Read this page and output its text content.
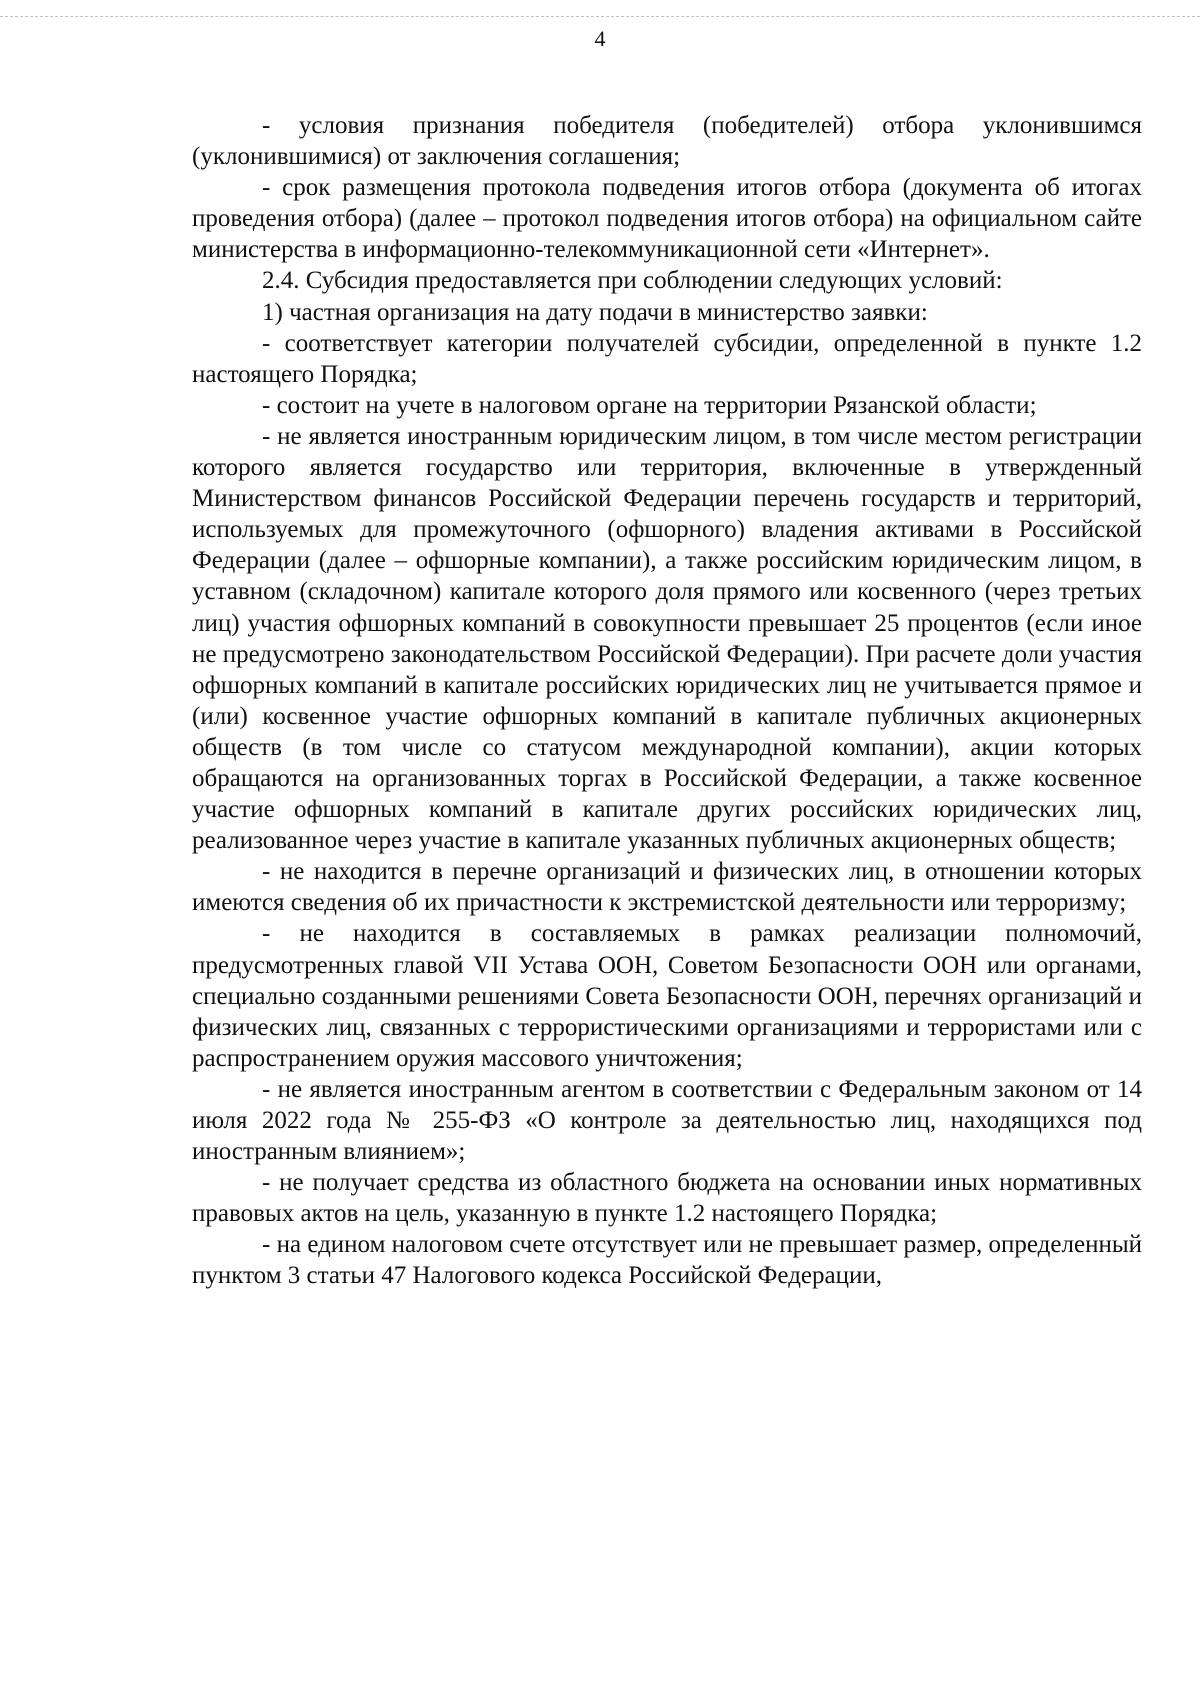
4

- условия признания победителя (победителей) отбора уклонившимся (уклонившимися) от заключения соглашения;

- срок размещения протокола подведения итогов отбора (документа об итогах проведения отбора) (далее – протокол подведения итогов отбора) на официальном сайте министерства в информационно-телекоммуникационной сети «Интернет».

2.4. Субсидия предоставляется при соблюдении следующих условий:

1) частная организация на дату подачи в министерство заявки:

- соответствует категории получателей субсидии, определенной в пункте 1.2 настоящего Порядка;

- состоит на учете в налоговом органе на территории Рязанской области;

- не является иностранным юридическим лицом, в том числе местом регистрации которого является государство или территория, включенные в утвержденный Министерством финансов Российской Федерации перечень государств и территорий, используемых для промежуточного (офшорного) владения активами в Российской Федерации (далее – офшорные компании), а также российским юридическим лицом, в уставном (складочном) капитале которого доля прямого или косвенного (через третьих лиц) участия офшорных компаний в совокупности превышает 25 процентов (если иное не предусмотрено законодательством Российской Федерации). При расчете доли участия офшорных компаний в капитале российских юридических лиц не учитывается прямое и (или) косвенное участие офшорных компаний в капитале публичных акционерных обществ (в том числе со статусом международной компании), акции которых обращаются на организованных торгах в Российской Федерации, а также косвенное участие офшорных компаний в капитале других российских юридических лиц, реализованное через участие в капитале указанных публичных акционерных обществ;

- не находится в перечне организаций и физических лиц, в отношении которых имеются сведения об их причастности к экстремистской деятельности или терроризму;

- не находится в составляемых в рамках реализации полномочий, предусмотренных главой VII Устава ООН, Советом Безопасности ООН или органами, специально созданными решениями Совета Безопасности ООН, перечнях организаций и физических лиц, связанных с террористическими организациями и террористами или с распространением оружия массового уничтожения;

- не является иностранным агентом в соответствии с Федеральным законом от 14 июля 2022 года № 255-ФЗ «О контроле за деятельностью лиц, находящихся под иностранным влиянием»;

- не получает средства из областного бюджета на основании иных нормативных правовых актов на цель, указанную в пункте 1.2 настоящего Порядка;

- на едином налоговом счете отсутствует или не превышает размер, определенный пунктом 3 статьи 47 Налогового кодекса Российской Федерации,
